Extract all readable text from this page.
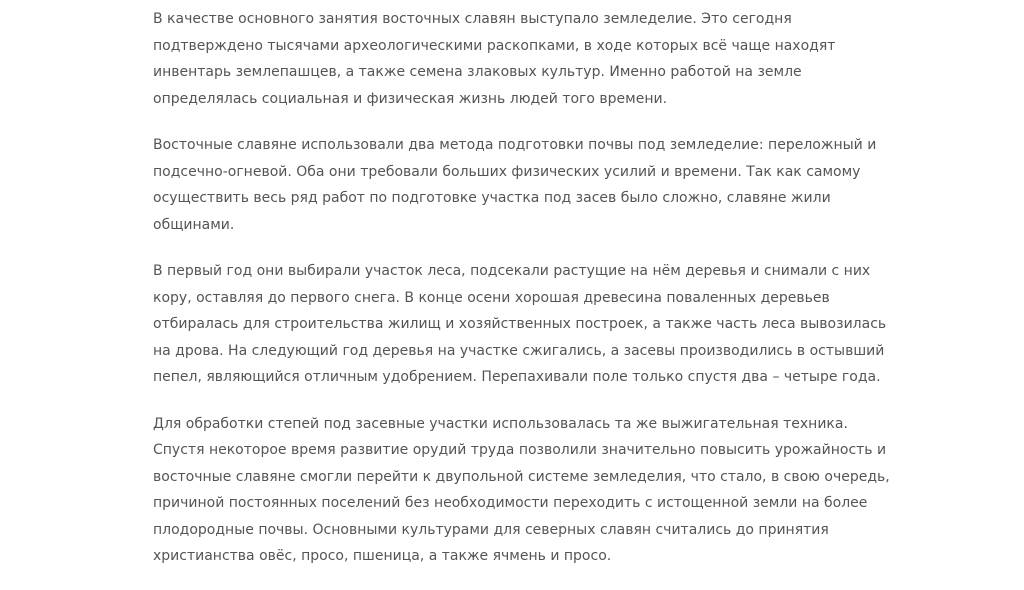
В качестве основного занятия восточных славян выступало земледелие. Это сегодня подтверждено тысячами археологическими раскопками, в ходе которых всё чаще находят инвентарь землепашцев, а также семена злаковых культур. Именно работой на земле определялась социальная и физическая жизнь людей того времени.

Восточные славяне использовали два метода подготовки почвы под земледелие: переложный и подсечно-огневой. Оба они требовали больших физических усилий и времени. Так как самому осуществить весь ряд работ по подготовке участка под засев было сложно, славяне жили общинами.

В первый год они выбирали участок леса, подсекали растущие на нём деревья и снимали с них кору, оставляя до первого снега. В конце осени хорошая древесина поваленных деревьев отбиралась для строительства жилищ и хозяйственных построек, а также часть леса вывозилась на дрова. На следующий год деревья на участке сжигались, а засевы производились в остывший пепел, являющийся отличным удобрением. Перепахивали поле только спустя два – четыре года.

Для обработки степей под засевные участки использовалась та же выжигательная техника. Спустя некоторое время развитие орудий труда позволили значительно повысить урожайность и восточные славяне смогли перейти к двупольной системе земледелия, что стало, в свою очередь, причиной постоянных поселений без необходимости переходить с истощенной земли на более плодородные почвы. Основными культурами для северных славян считались до принятия христианства овёс, просо, пшеница, а также ячмень и просо.
